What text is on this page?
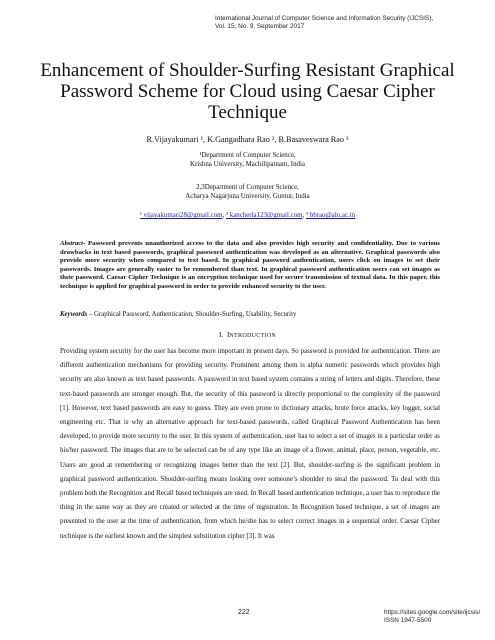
International Journal of Computer Science and Information Security (IJCSIS),
Vol. 15, No. 9, September 2017
Enhancement of Shoulder-Surfing Resistant Graphical Password Scheme for Cloud using Caesar Cipher Technique
R.Vijayakumari ¹, K.Gangadhara Rao ², B.Basaveswara Rao ³
¹Department of Computer Science,
Krishna University, Machilipatnam, India
2,3Department of Computer Science,
Acharya Nagarjuna University, Guntur, India
¹ vijayakumari28@gmail.com, ² kancherla123@gmail.com, ³ bbrao@alu.ac.in
Abstract- Password prevents unauthorized access to the data and also provides high security and confidentiality. Due to various drawbacks in text based passwords, graphical password authentication was developed as an alternative. Graphical passwords also provide more security when compared to text based. In graphical password authentication, users click on images to set their passwords. Images are generally easier to be remembered than text. In graphical password authentication users can set images as their password. Caesar Cipher Technique is an encryption technique used for secure transmission of textual data. In this paper, this technique is applied for graphical password in order to provide enhanced security to the user.
Keywords – Graphical Password, Authentication, Shoulder-Surfing, Usability, Security
I. INTRODUCTION

Providing system security for the user has become more important in present days. So password is provided for authentication. There are different authentication mechanisms for providing security. Prominent among them is alpha numeric passwords which provides high security are also known as text based passwords. A password in text based system contains a string of letters and digits. Therefore, these text-based passwords are stronger enough. But, the security of this password is directly proportional to the complexity of the password [1]. However, text based passwords are easy to guess. They are even prone to dictionary attacks, brute force attacks, key logger, social engineering etc. That is why an alternative approach for text-based passwords, called Graphical Password Authentication has been developed, to provide more security to the user. In this system of authentication, user has to select a set of images in a particular order as his/her password. The images that are to be selected can be of any type like an image of a flower, animal, place, person, vegetable, etc. Users are good at remembering or recognizing images better than the text [2]. But, shoulder-surfing is the significant problem in graphical password authentication. Shoulder-surfing means looking over someone’s shoulder to steal the password. To deal with this problem both the Recognition and Recall based techniques are used. In Recall based authentication technique, a user has to reproduce the thing in the same way as they are created or selected at the time of registration. In Recognition based technique, a set of images are presented to the user at the time of authentication, from which he/she has to select correct images in a sequential order. Caesar Cipher technique is the earliest known and the simplest substitution cipher [3]. It was

222	https://sites.google.com/site/ijcsis/
ISSN 1947-5500
